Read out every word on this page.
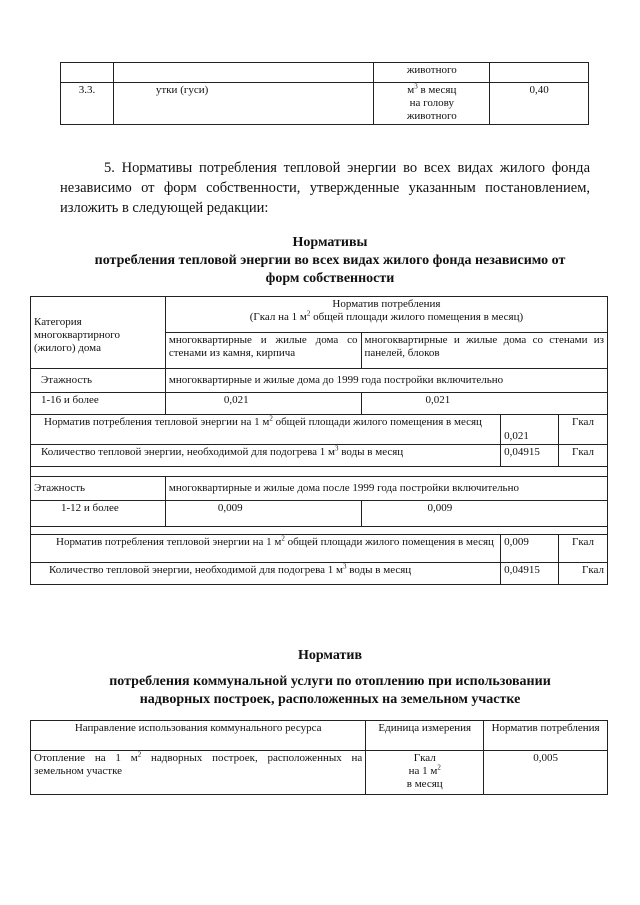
		животного	
3.3.	утки (гуси)	$м^3$ в месяц
на голову
животного	0,40
5. Нормативы потребления тепловой энергии во всех видах жилого фонда независимо от форм собственности, утвержденные указанным постановлением, изложить в следующей редакции:
Нормативы
потребления тепловой энергии во всех видах жилого фонда независимо от
форм собственности
Категория многоквартирного (жилого) дома	Норматив потребления
(Гкал на 1 $м^2$ общей площади жилого помещения в месяц)			

	многоквартирные и жилые дома со стенами из камня, кирпича	многоквартирные и жилые дома со стенами из панелей, блоков		
Этажность	многоквартирные и жилые дома до 1999 года постройки включительно			
1-16 и более	0,021	0,021		
Норматив потребления тепловой энергии на 1 $м^2$ общей площади жилого помещения в месяц			0,021	Гкал
Количество тепловой энергии, необходимой для подогрева 1 $м^3$ воды в месяц			0,04915	Гкал

Этажность	многоквартирные и жилые дома после 1999 года постройки включительно			
1-12 и более	0,009	0,009		

Норматив потребления тепловой энергии на 1 $м^2$ общей площади жилого помещения в месяц			0,009	Гкал
Количество тепловой энергии, необходимой для подогрева 1 $м^3$ воды в месяц			0,04915	Гкал
Норматив
потребления коммунальной услуги по отоплению при использовании
надворных построек, расположенных на земельном участке
Направление использования коммунального ресурса	Единица измерения	Норматив потребления
Отопление на 1 $м^2$ надворных построек, расположенных на земельном участке	Гкал
на 1 $м^2$
в месяц	0,005
